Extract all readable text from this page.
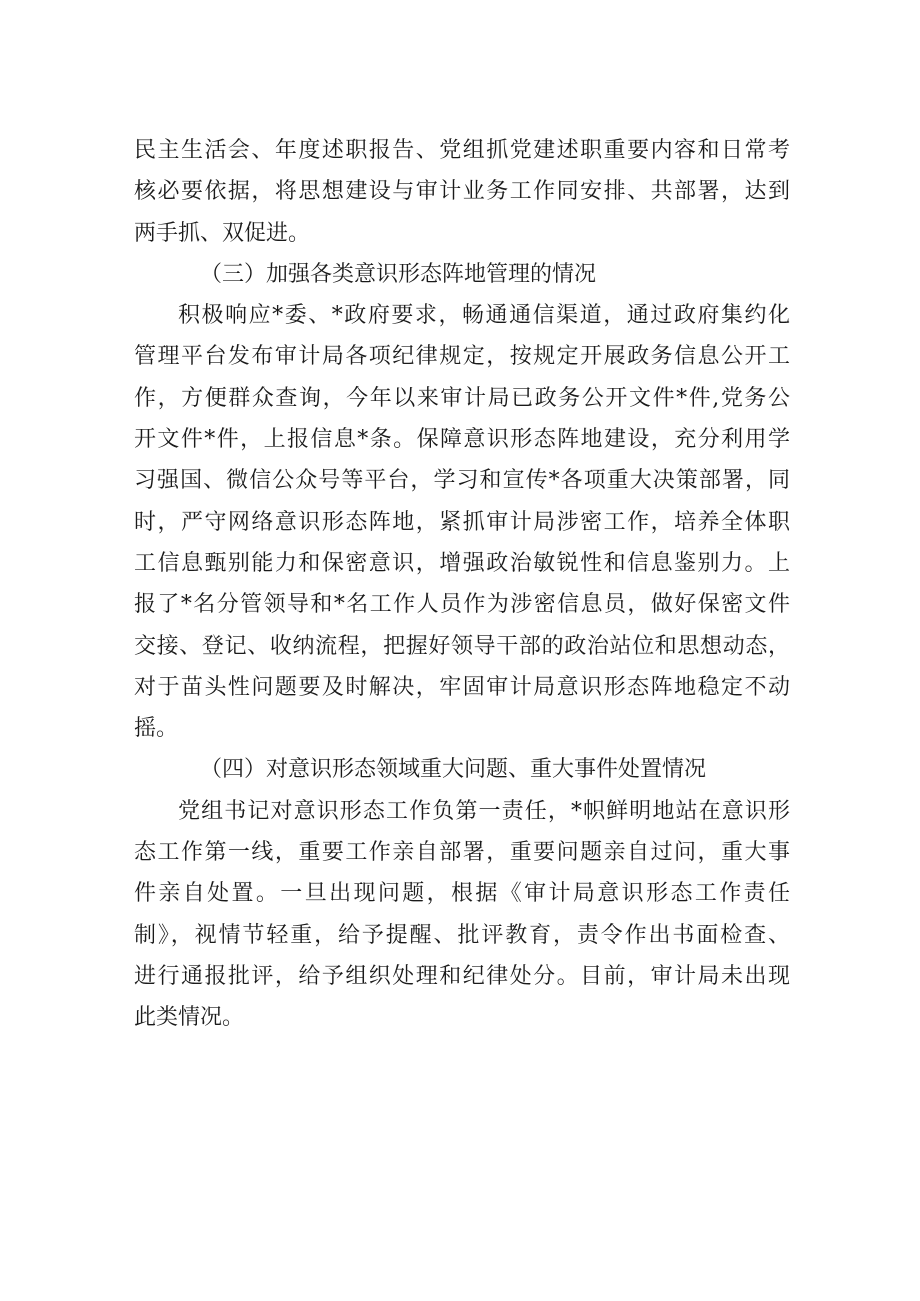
民主生活会、年度述职报告、党组抓党建述职重要内容和日常考
核必要依据，将思想建设与审计业务工作同安排、共部署，达到
两手抓、双促进。
（三）加强各类意识形态阵地管理的情况
积极响应*委、*政府要求，畅通通信渠道，通过政府集约化
管理平台发布审计局各项纪律规定，按规定开展政务信息公开工
作，方便群众查询，今年以来审计局已政务公开文件*件,党务公
开文件*件，上报信息*条。保障意识形态阵地建设，充分利用学
习强国、微信公众号等平台，学习和宣传*各项重大决策部署，同
时，严守网络意识形态阵地，紧抓审计局涉密工作，培养全体职
工信息甄别能力和保密意识，增强政治敏锐性和信息鉴别力。上
报了*名分管领导和*名工作人员作为涉密信息员，做好保密文件
交接、登记、收纳流程，把握好领导干部的政治站位和思想动态，
对于苗头性问题要及时解决，牢固审计局意识形态阵地稳定不动
摇。
（四）对意识形态领域重大问题、重大事件处置情况
党组书记对意识形态工作负第一责任，*帜鲜明地站在意识形
态工作第一线，重要工作亲自部署，重要问题亲自过问，重大事
件亲自处置。一旦出现问题，根据《审计局意识形态工作责任
制》，视情节轻重，给予提醒、批评教育，责令作出书面检查、
进行通报批评，给予组织处理和纪律处分。目前，审计局未出现
此类情况。
